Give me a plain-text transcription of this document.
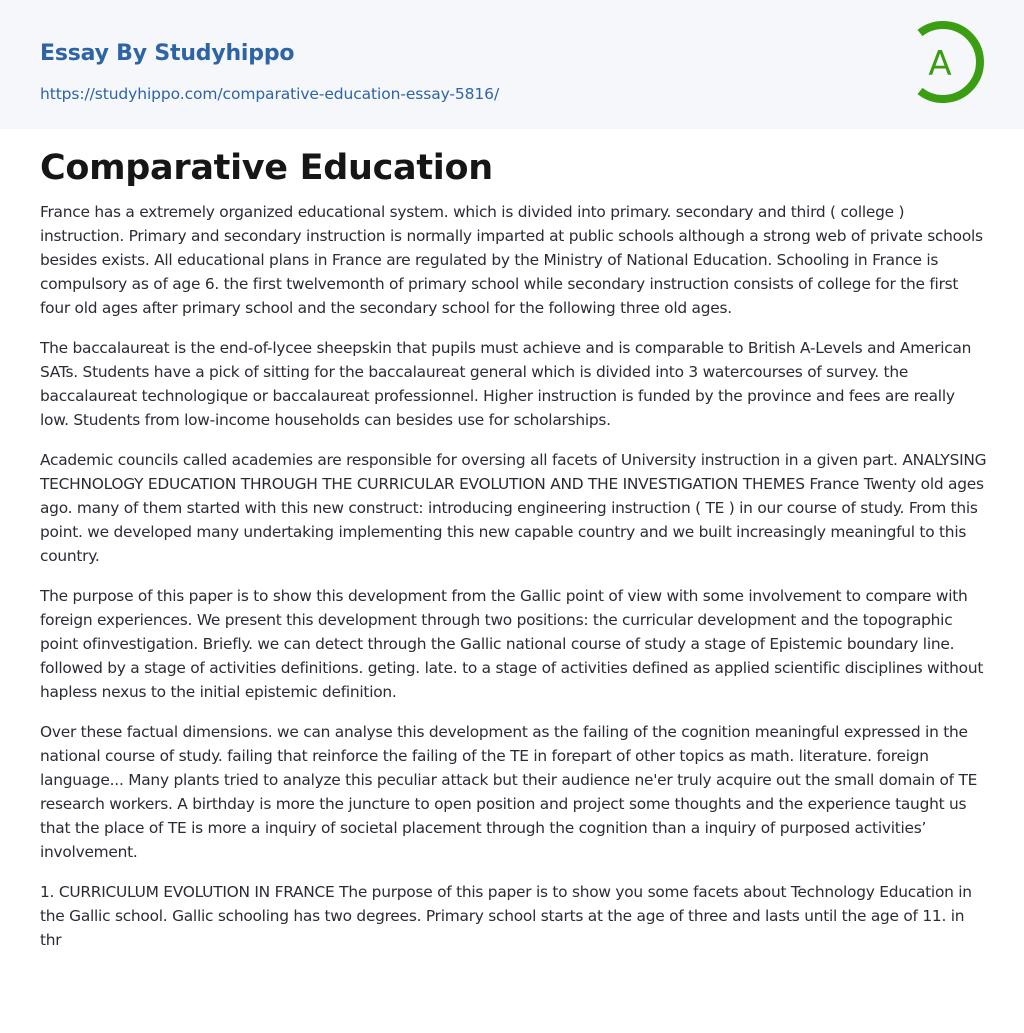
Essay By Studyhippo
https://studyhippo.com/comparative-education-essay-5816/
A
Comparative Education

France has a extremely organized educational system. which is divided into primary. secondary and third ( college ) instruction. Primary and secondary instruction is normally imparted at public schools although a strong web of private schools besides exists. All educational plans in France are regulated by the Ministry of National Education. Schooling in France is compulsory as of age 6. the first twelvemonth of primary school while secondary instruction consists of college for the first four old ages after primary school and the secondary school for the following three old ages.

The baccalaureat is the end-of-lycee sheepskin that pupils must achieve and is comparable to British A-Levels and American SATs. Students have a pick of sitting for the baccalaureat general which is divided into 3 watercourses of survey. the baccalaureat technologique or baccalaureat professionnel. Higher instruction is funded by the province and fees are really low. Students from low-income households can besides use for scholarships.

Academic councils called academies are responsible for oversing all facets of University instruction in a given part. ANALYSING TECHNOLOGY EDUCATION THROUGH THE CURRICULAR EVOLUTION AND THE INVESTIGATION THEMES France Twenty old ages ago. many of them started with this new construct: introducing engineering instruction ( TE ) in our course of study. From this point. we developed many undertaking implementing this new capable country and we built increasingly meaningful to this country.

The purpose of this paper is to show this development from the Gallic point of view with some involvement to compare with foreign experiences. We present this development through two positions: the curricular development and the topographic point ofinvestigation. Briefly. we can detect through the Gallic national course of study a stage of Epistemic boundary line. followed by a stage of activities definitions. geting. late. to a stage of activities defined as applied scientific disciplines without hapless nexus to the initial epistemic definition.

Over these factual dimensions. we can analyse this development as the failing of the cognition meaningful expressed in the national course of study. failing that reinforce the failing of the TE in forepart of other topics as math. literature. foreign language... Many plants tried to analyze this peculiar attack but their audience ne'er truly acquire out the small domain of TE research workers. A birthday is more the juncture to open position and project some thoughts and the experience taught us that the place of TE is more a inquiry of societal placement through the cognition than a inquiry of purposed activities’ involvement.

1. CURRICULUM EVOLUTION IN FRANCE The purpose of this paper is to show you some facets about Technology Education in the Gallic school. Gallic schooling has two degrees. Primary school starts at the age of three and lasts until the age of 11. in thr
